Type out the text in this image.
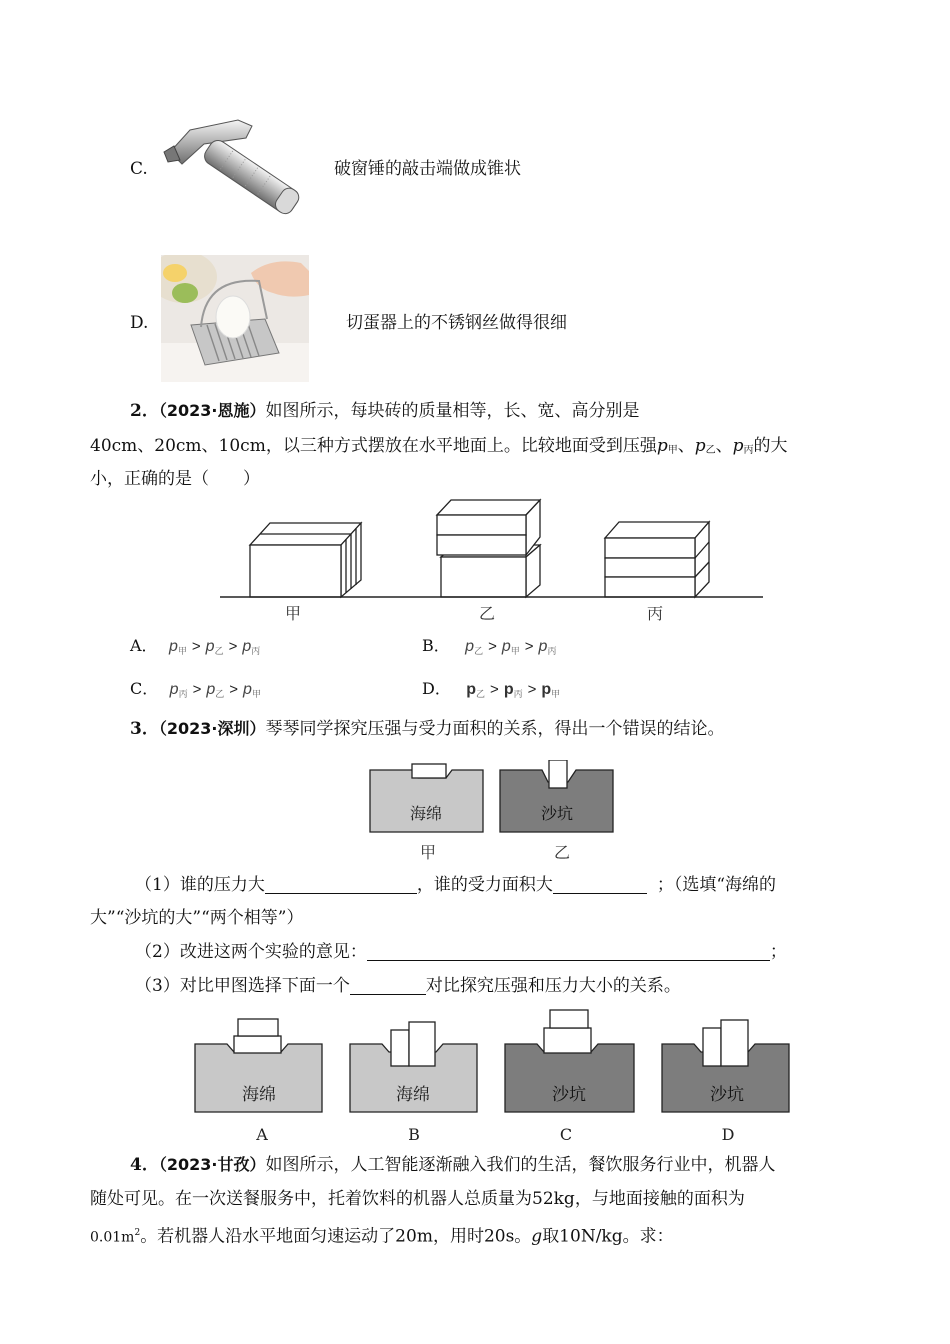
C.	破窗锤的敲击端做成锥状
D.	切蛋器上的不锈钢丝做得很细
2．（2023·恩施）如图所示，每块砖的质量相等，长、宽、高分别是
40cm、20cm、10cm，以三种方式摆放在水平地面上。比较地面受到压强p甲、p乙、p丙的大
小，正确的是（　　）
甲	乙	丙
A． p甲 > p乙 > p丙	B． p乙 > p甲 > p丙
C． p丙 > p乙 > p甲	D． p乙 > p丙 > p甲
3．（2023·深圳）琴琴同学探究压强与受力面积的关系，得出一个错误的结论。
海绵	沙坑
甲	乙
（1）谁的压力大	，谁的受力面积大	；（选填“海绵的
大”“沙坑的大”“两个相等”）
（2）改进这两个实验的意见：	；
（3）对比甲图选择下面一个	对比探究压强和压力大小的关系。
海绵	海绵	沙坑	沙坑
A	B	C	D
4．（2023·甘孜）如图所示，人工智能逐渐融入我们的生活，餐饮服务行业中，机器人
随处可见。在一次送餐服务中，托着饮料的机器人总质量为52kg，与地面接触的面积为
$0.01m^2$。若机器人沿水平地面匀速运动了20m，用时20s。g取10N/kg。求：
